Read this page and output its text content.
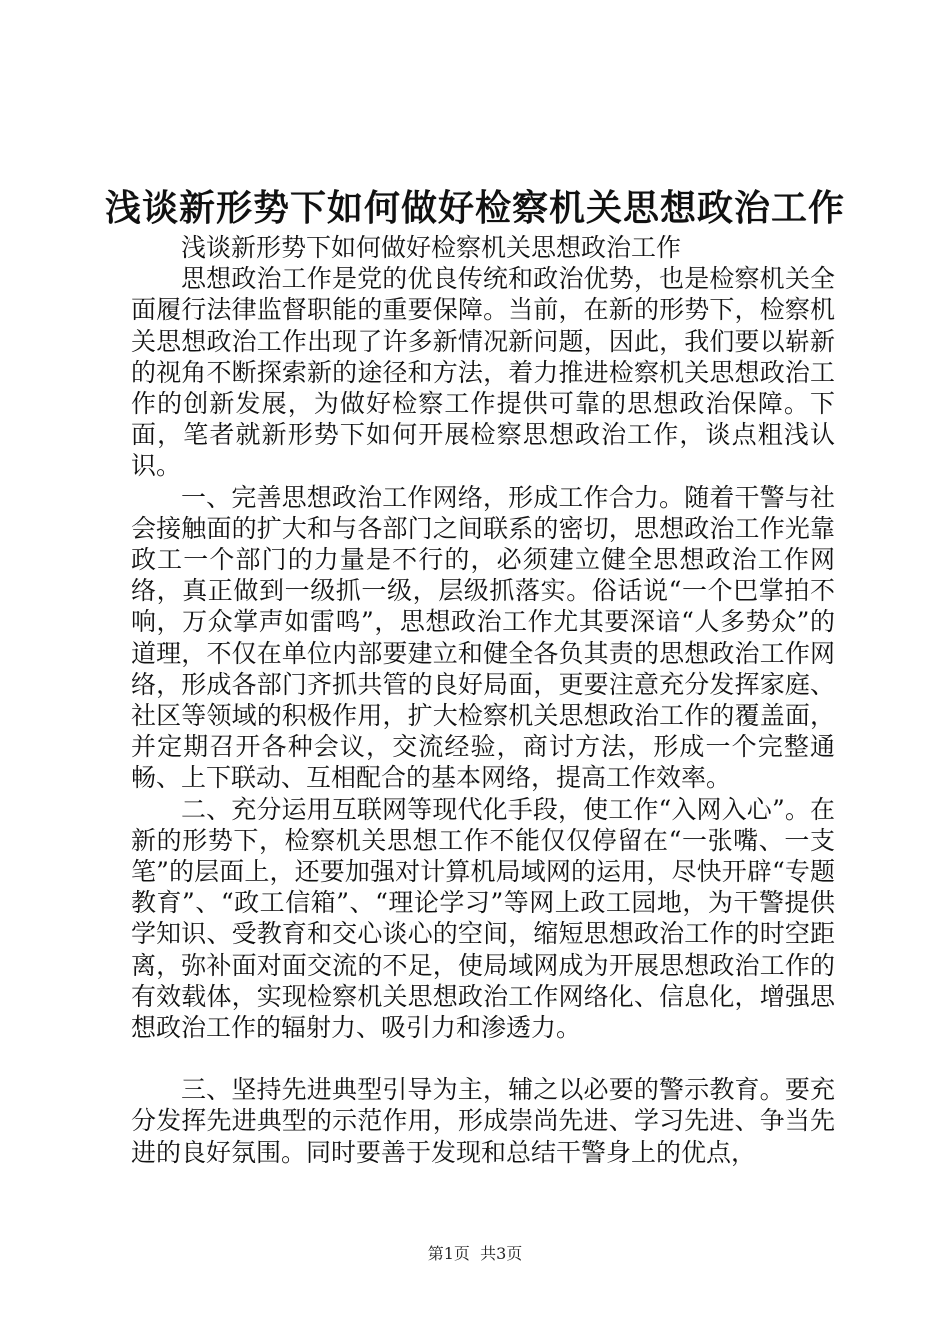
浅谈新形势下如何做好检察机关思想政治工作

浅谈新形势下如何做好检察机关思想政治工作

思想政治工作是党的优良传统和政治优势，也是检察机关全面履行法律监督职能的重要保障。当前，在新的形势下，检察机关思想政治工作出现了许多新情况新问题，因此，我们要以崭新的视角不断探索新的途径和方法，着力推进检察机关思想政治工作的创新发展，为做好检察工作提供可靠的思想政治保障。下面，笔者就新形势下如何开展检察思想政治工作，谈点粗浅认识。

一、完善思想政治工作网络，形成工作合力。随着干警与社会接触面的扩大和与各部门之间联系的密切，思想政治工作光靠政工一个部门的力量是不行的，必须建立健全思想政治工作网络，真正做到一级抓一级，层级抓落实。俗话说“一个巴掌拍不响，万众掌声如雷鸣”，思想政治工作尤其要深谙“人多势众”的道理，不仅在单位内部要建立和健全各负其责的思想政治工作网络，形成各部门齐抓共管的良好局面，更要注意充分发挥家庭、社区等领域的积极作用，扩大检察机关思想政治工作的覆盖面，并定期召开各种会议，交流经验，商讨方法，形成一个完整通畅、上下联动、互相配合的基本网络，提高工作效率。

二、充分运用互联网等现代化手段，使工作“入网入心”。在新的形势下，检察机关思想工作不能仅仅停留在“一张嘴、一支笔”的层面上，还要加强对计算机局域网的运用，尽快开辟“专题教育”、“政工信箱”、“理论学习”等网上政工园地，为干警提供学知识、受教育和交心谈心的空间，缩短思想政治工作的时空距离，弥补面对面交流的不足，使局域网成为开展思想政治工作的有效载体，实现检察机关思想政治工作网络化、信息化，增强思想政治工作的辐射力、吸引力和渗透力。

三、坚持先进典型引导为主，辅之以必要的警示教育。要充分发挥先进典型的示范作用，形成崇尚先进、学习先进、争当先进的良好氛围。同时要善于发现和总结干警身上的优点，

第1页 共3页
